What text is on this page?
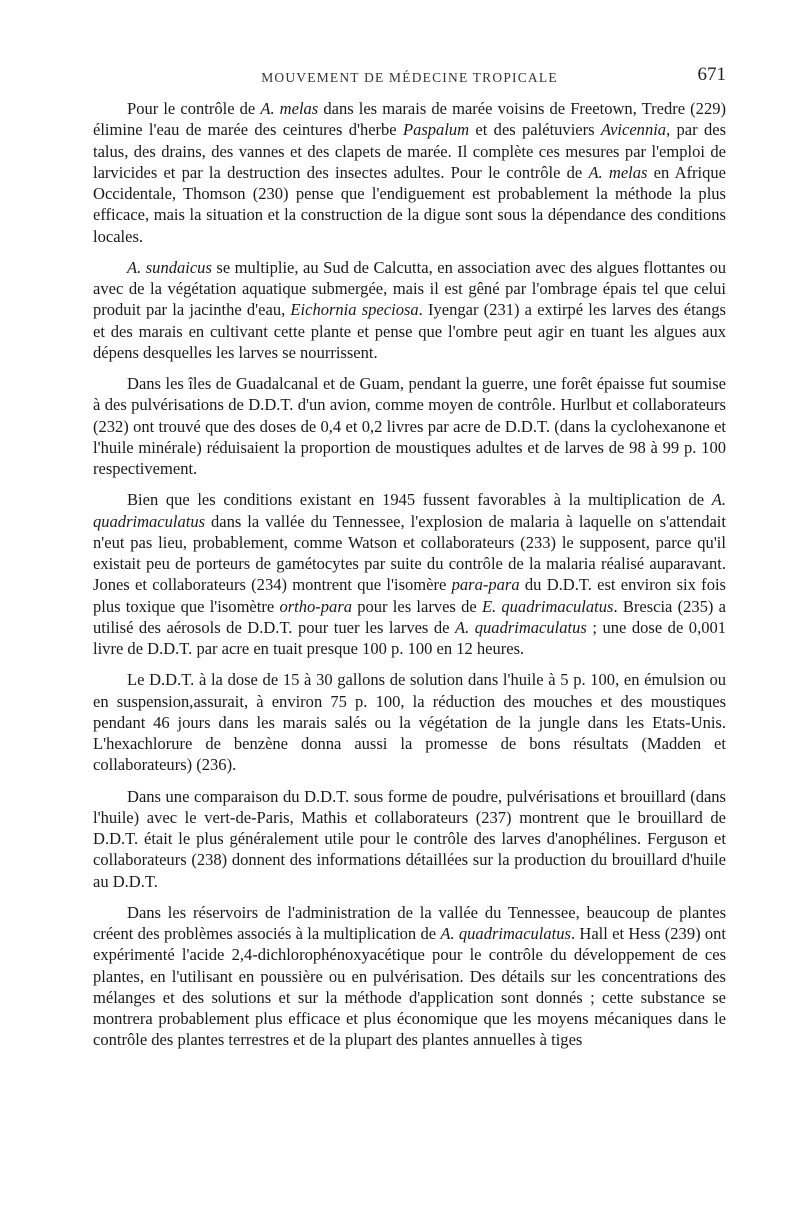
MOUVEMENT DE MÉDECINE TROPICALE	671

Pour le contrôle de A. melas dans les marais de marée voisins de Freetown, Tredre (229) élimine l'eau de marée des ceintures d'herbe Paspalum et des palétuviers Avicennia, par des talus, des drains, des vannes et des clapets de marée. Il complète ces mesures par l'emploi de larvicides et par la destruction des insectes adultes. Pour le contrôle de A. melas en Afrique Occidentale, Thomson (230) pense que l'endiguement est probablement la méthode la plus efficace, mais la situation et la construction de la digue sont sous la dépendance des conditions locales.

A. sundaicus se multiplie, au Sud de Calcutta, en association avec des algues flottantes ou avec de la végétation aquatique submergée, mais il est gêné par l'ombrage épais tel que celui produit par la jacinthe d'eau, Eichornia speciosa. Iyengar (231) a extirpé les larves des étangs et des marais en cultivant cette plante et pense que l'ombre peut agir en tuant les algues aux dépens desquelles les larves se nourrissent.

Dans les îles de Guadalcanal et de Guam, pendant la guerre, une forêt épaisse fut soumise à des pulvérisations de D.D.T. d'un avion, comme moyen de contrôle. Hurlbut et collaborateurs (232) ont trouvé que des doses de 0,4 et 0,2 livres par acre de D.D.T. (dans la cyclohexanone et l'huile minérale) réduisaient la proportion de moustiques adultes et de larves de 98 à 99 p. 100 respectivement.

Bien que les conditions existant en 1945 fussent favorables à la multiplication de A. quadrimaculatus dans la vallée du Tennessee, l'explosion de malaria à laquelle on s'attendait n'eut pas lieu, probablement, comme Watson et collaborateurs (233) le supposent, parce qu'il existait peu de porteurs de gamétocytes par suite du contrôle de la malaria réalisé auparavant. Jones et collaborateurs (234) montrent que l'isomère para-para du D.D.T. est environ six fois plus toxique que l'isomètre ortho-para pour les larves de E. quadrimaculatus. Brescia (235) a utilisé des aérosols de D.D.T. pour tuer les larves de A. quadrimaculatus ; une dose de 0,001 livre de D.D.T. par acre en tuait presque 100 p. 100 en 12 heures.

Le D.D.T. à la dose de 15 à 30 gallons de solution dans l'huile à 5 p. 100, en émulsion ou en suspension,assurait, à environ 75 p. 100, la réduction des mouches et des moustiques pendant 46 jours dans les marais salés ou la végétation de la jungle dans les Etats-Unis. L'hexachlorure de benzène donna aussi la promesse de bons résultats (Madden et collaborateurs) (236).

Dans une comparaison du D.D.T. sous forme de poudre, pulvérisations et brouillard (dans l'huile) avec le vert-de-Paris, Mathis et collaborateurs (237) montrent que le brouillard de D.D.T. était le plus généralement utile pour le contrôle des larves d'anophélines. Ferguson et collaborateurs (238) donnent des informations détaillées sur la production du brouillard d'huile au D.D.T.

Dans les réservoirs de l'administration de la vallée du Tennessee, beaucoup de plantes créent des problèmes associés à la multiplication de A. quadrimaculatus. Hall et Hess (239) ont expérimenté l'acide 2,4-dichlorophénoxyacétique pour le contrôle du développement de ces plantes, en l'utilisant en poussière ou en pulvérisation. Des détails sur les concentrations des mélanges et des solutions et sur la méthode d'application sont donnés ; cette substance se montrera probablement plus efficace et plus économique que les moyens mécaniques dans le contrôle des plantes terrestres et de la plupart des plantes annuelles à tiges
